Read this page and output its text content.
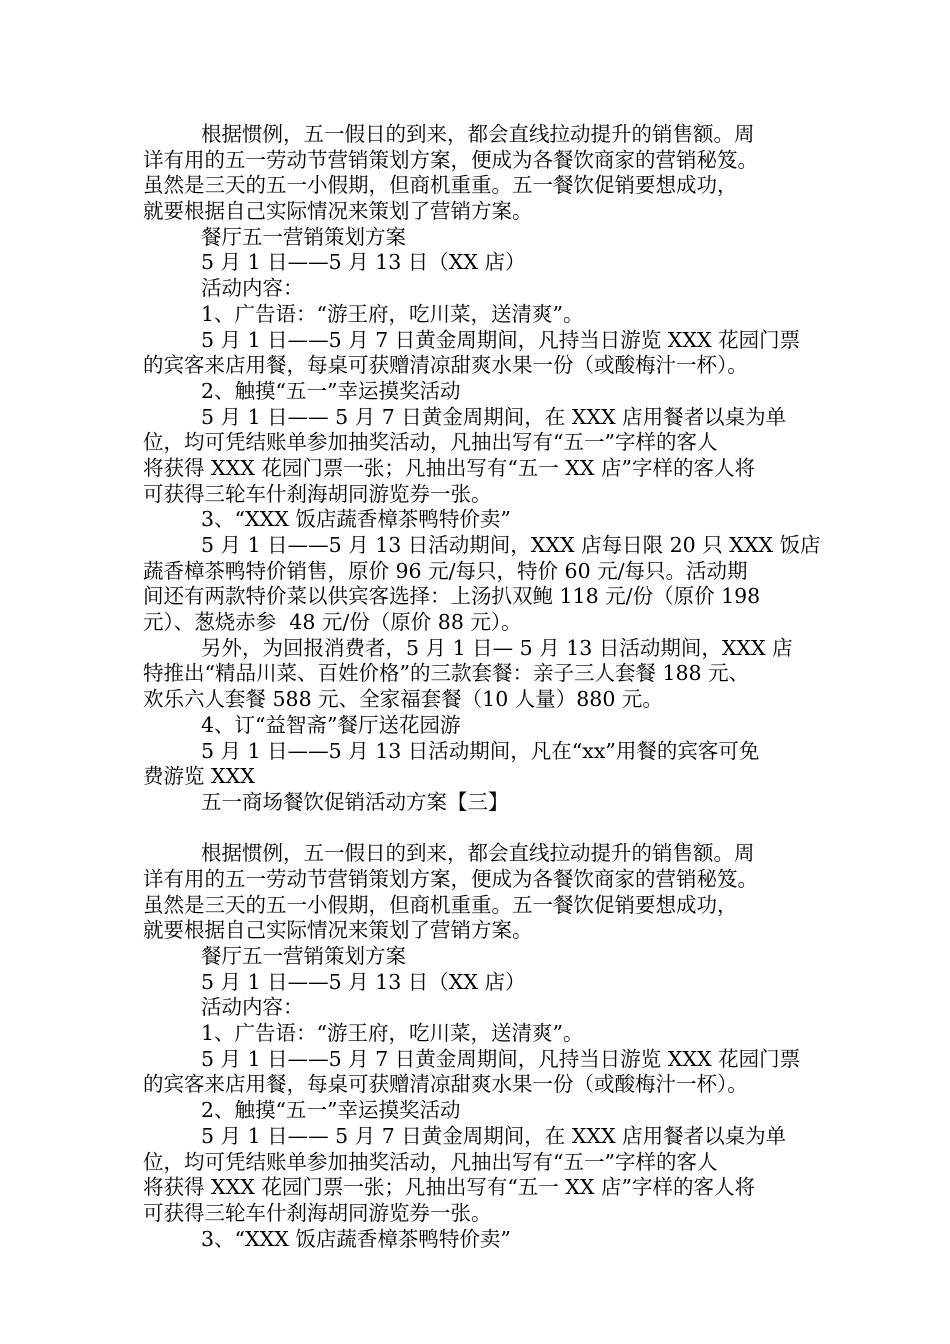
根据惯例，五一假日的到来，都会直线拉动提升的销售额。周
详有用的五一劳动节营销策划方案，便成为各餐饮商家的营销秘笈。
虽然是三天的五一小假期，但商机重重。五一餐饮促销要想成功，
就要根据自己实际情况来策划了营销方案。
餐厅五一营销策划方案
5 月 1 日——5 月 13 日（XX 店）
活动内容：
1、广告语：“游王府，吃川菜，送清爽”。
5 月 1 日——5 月 7 日黄金周期间，凡持当日游览 XXX 花园门票
的宾客来店用餐，每桌可获赠清凉甜爽水果一份（或酸梅汁一杯）。
2、触摸“五一”幸运摸奖活动
5 月 1 日—— 5 月 7 日黄金周期间，在 XXX 店用餐者以桌为单
位，均可凭结账单参加抽奖活动，凡抽出写有“五一”字样的客人
将获得 XXX 花园门票一张；凡抽出写有“五一 XX 店”字样的客人将
可获得三轮车什刹海胡同游览券一张。
3、“XXX 饭店蔬香樟茶鸭特价卖”
5 月 1 日——5 月 13 日活动期间，XXX 店每日限 20 只 XXX 饭店
蔬香樟茶鸭特价销售，原价 96 元/每只，特价 60 元/每只。活动期
间还有两款特价菜以供宾客选择：上汤扒双鲍 118 元/份（原价 198
元）、葱烧赤参  48 元/份（原价 88 元）。
另外，为回报消费者，5 月 1 日— 5 月 13 日活动期间，XXX 店
特推出“精品川菜、百姓价格”的三款套餐：亲子三人套餐 188 元、
欢乐六人套餐 588 元、全家福套餐（10 人量）880 元。
4、订“益智斋”餐厅送花园游
5 月 1 日——5 月 13 日活动期间，凡在“xx”用餐的宾客可免
费游览 XXX
五一商场餐饮促销活动方案【三】
根据惯例，五一假日的到来，都会直线拉动提升的销售额。周
详有用的五一劳动节营销策划方案，便成为各餐饮商家的营销秘笈。
虽然是三天的五一小假期，但商机重重。五一餐饮促销要想成功，
就要根据自己实际情况来策划了营销方案。
餐厅五一营销策划方案
5 月 1 日——5 月 13 日（XX 店）
活动内容：
1、广告语：“游王府，吃川菜，送清爽”。
5 月 1 日——5 月 7 日黄金周期间，凡持当日游览 XXX 花园门票
的宾客来店用餐，每桌可获赠清凉甜爽水果一份（或酸梅汁一杯）。
2、触摸“五一”幸运摸奖活动
5 月 1 日—— 5 月 7 日黄金周期间，在 XXX 店用餐者以桌为单
位，均可凭结账单参加抽奖活动，凡抽出写有“五一”字样的客人
将获得 XXX 花园门票一张；凡抽出写有“五一 XX 店”字样的客人将
可获得三轮车什刹海胡同游览券一张。
3、“XXX 饭店蔬香樟茶鸭特价卖”
